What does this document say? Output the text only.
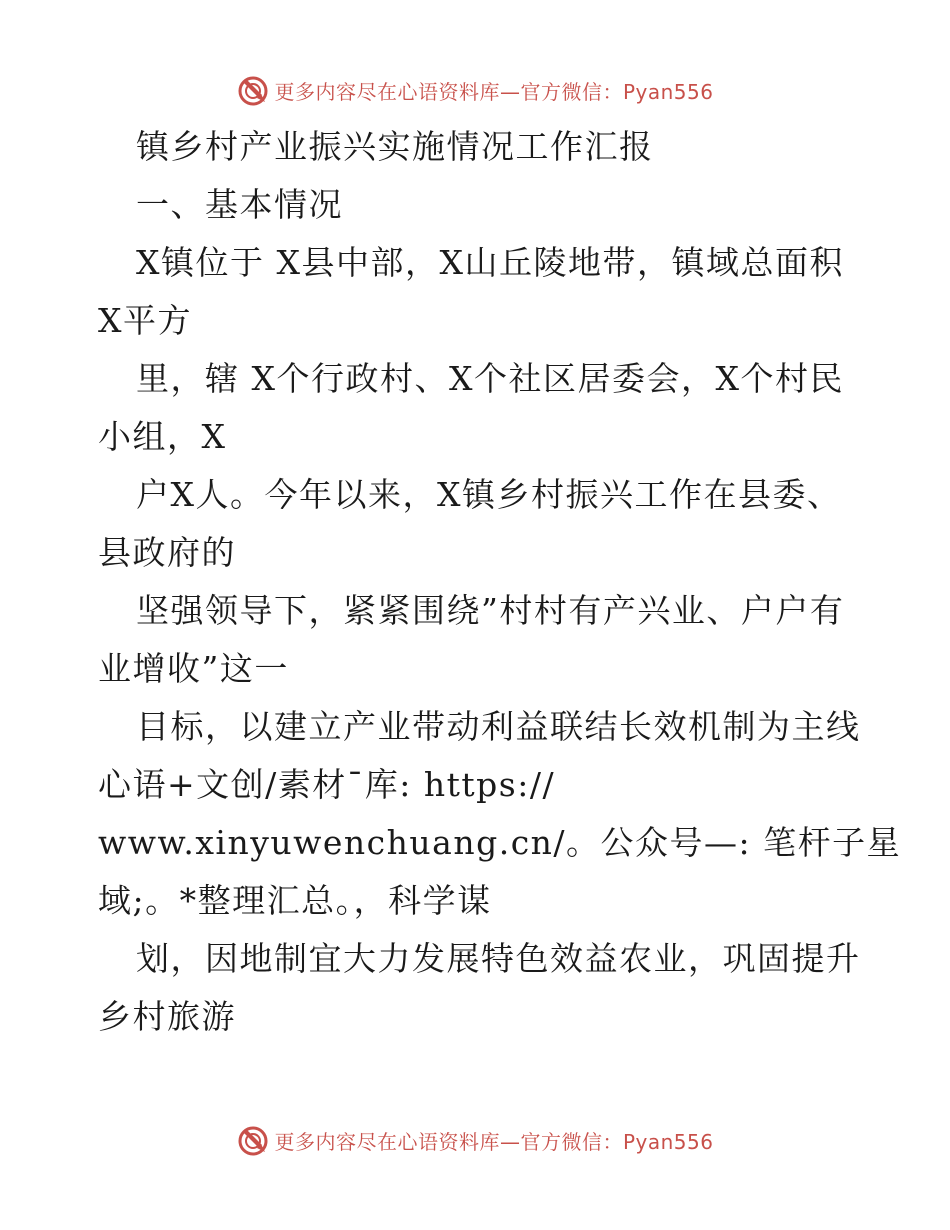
更多内容尽在心语资料库—官方微信：Pyan556
镇乡村产业振兴实施情况工作汇报
一、基本情况
X镇位于 X县中部，X山丘陵地带，镇域总面积
X平方
里，辖 X个行政村、X个社区居委会，X个村民
小组，X
户X人。今年以来，X镇乡村振兴工作在县委、
县政府的
坚强领导下，紧紧围绕”村村有产兴业、户户有
业增收”这一
目标，以建立产业带动利益联结长效机制为主线
心语+文创/素材¯库: https://
www.xinyuwenchuang.cn/。公众号—: 笔杆子星
域;。*整理汇总。，科学谋
划，因地制宜大力发展特色效益农业，巩固提升
乡村旅游
更多内容尽在心语资料库—官方微信：Pyan556
